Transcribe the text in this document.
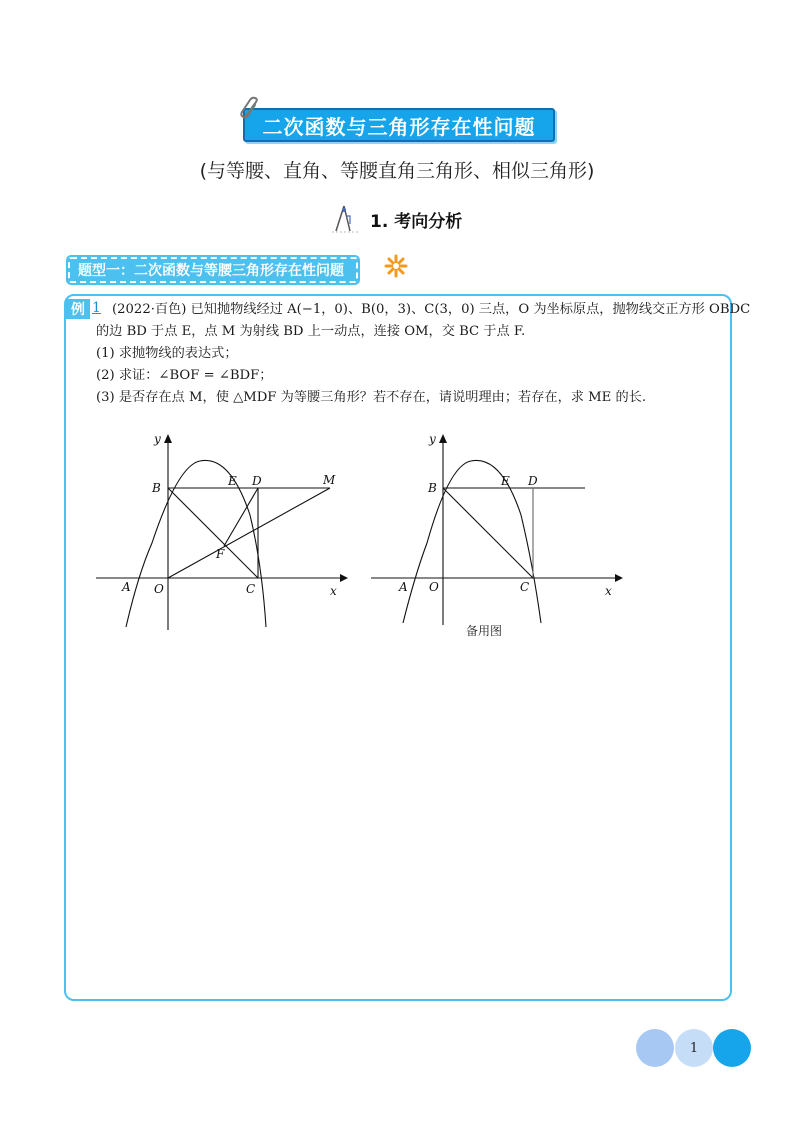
二次函数与三角形存在性问题
(与等腰、直角、等腰直角三角形、相似三角形)
1. 考向分析
题型一：二次函数与等腰三角形存在性问题
例 1 (2022·百色) 已知抛物线经过 A(−1，0)、B(0，3)、C(3，0) 三点，O 为坐标原点，抛物线交正方形 OBDC
的边 BD 于点 E，点 M 为射线 BD 上一动点，连接 OM，交 BC 于点 F.
(1) 求抛物线的表达式；
(2) 求证：∠BOF = ∠BDF；
(3) 是否存在点 M，使 △MDF 为等腰三角形？若不存在，请说明理由；若存在，求 ME 的长.
y
x
B	E D	M
F
A O	C
y
x
B	E D
A O	C
备用图
1
